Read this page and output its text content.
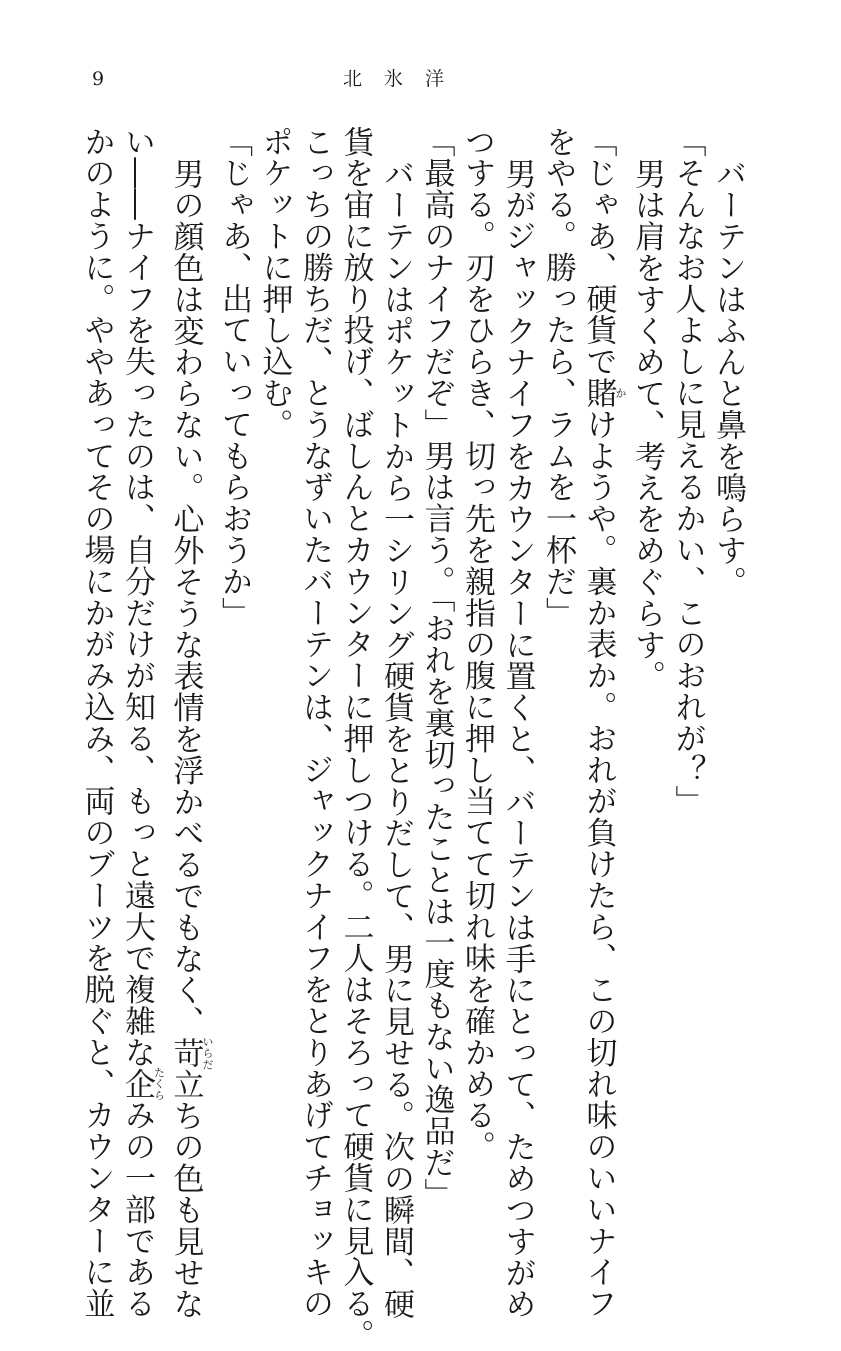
9	北氷洋
バーテンはふんと鼻を鳴らす。
「そんなお人よしに見えるかい、このおれが？」
男は肩をすくめて、考えをめぐらす。
「じゃあ、硬貨で賭かけようや。裏か表か。おれが負けたら、この切れ味のいいナイフ
をやる。勝ったら、ラムを一杯だ」
男がジャックナイフをカウンターに置くと、バーテンは手にとって、ためつすがめ
つする。刃をひらき、切っ先を親指の腹に押し当てて切れ味を確かめる。
「最高のナイフだぞ」男は言う。「おれを裏切ったことは一度もない逸品だ」
バーテンはポケットから一シリング硬貨をとりだして、男に見せる。次の瞬間、硬
貨を宙に放り投げ、ばしんとカウンターに押しつける。二人はそろって硬貨に見入る。
こっちの勝ちだ、とうなずいたバーテンは、ジャックナイフをとりあげてチョッキの
ポケットに押し込む。
「じゃあ、出ていってもらおうか」
男の顔色は変わらない。心外そうな表情を浮かべるでもなく、苛いらだ立ちの色も見せな
い――ナイフを失ったのは、自分だけが知る、もっと遠大で複雑な企たくらみの一部である
かのように。ややあってその場にかがみ込み、両のブーツを脱ぐと、カウンターに並
